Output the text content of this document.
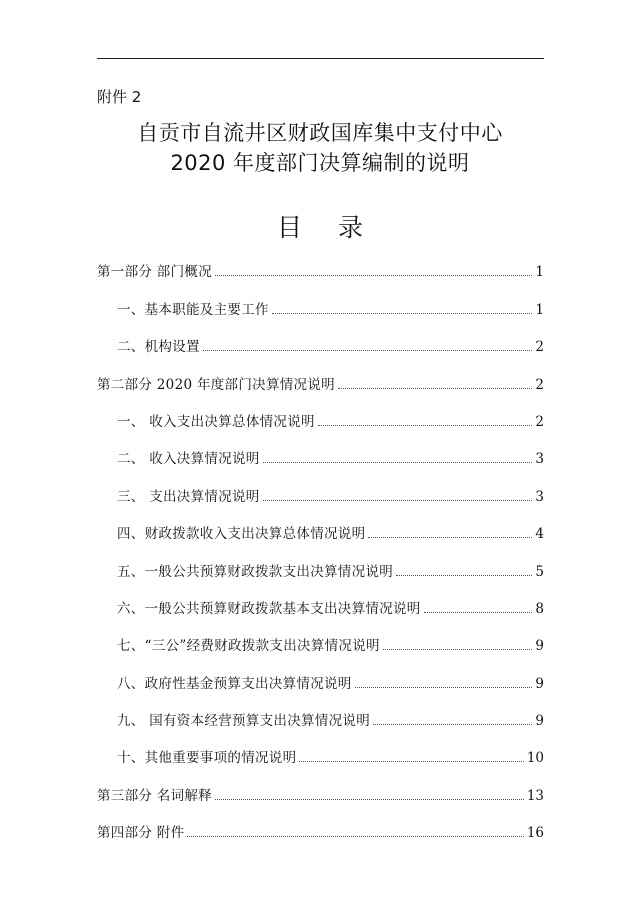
附件 2
自贡市自流井区财政国库集中支付中心
2020 年度部门决算编制的说明
目 录
第一部分 部门概况	1
一、基本职能及主要工作	1
二、机构设置	2
第二部分 2020 年度部门决算情况说明	2
一、 收入支出决算总体情况说明	2
二、 收入决算情况说明	3
三、 支出决算情况说明	3
四、财政拨款收入支出决算总体情况说明	4
五、一般公共预算财政拨款支出决算情况说明	5
六、一般公共预算财政拨款基本支出决算情况说明	8
七、“三公”经费财政拨款支出决算情况说明	9
八、政府性基金预算支出决算情况说明	9
九、 国有资本经营预算支出决算情况说明	9
十、其他重要事项的情况说明	10
第三部分 名词解释	13
第四部分 附件	16
